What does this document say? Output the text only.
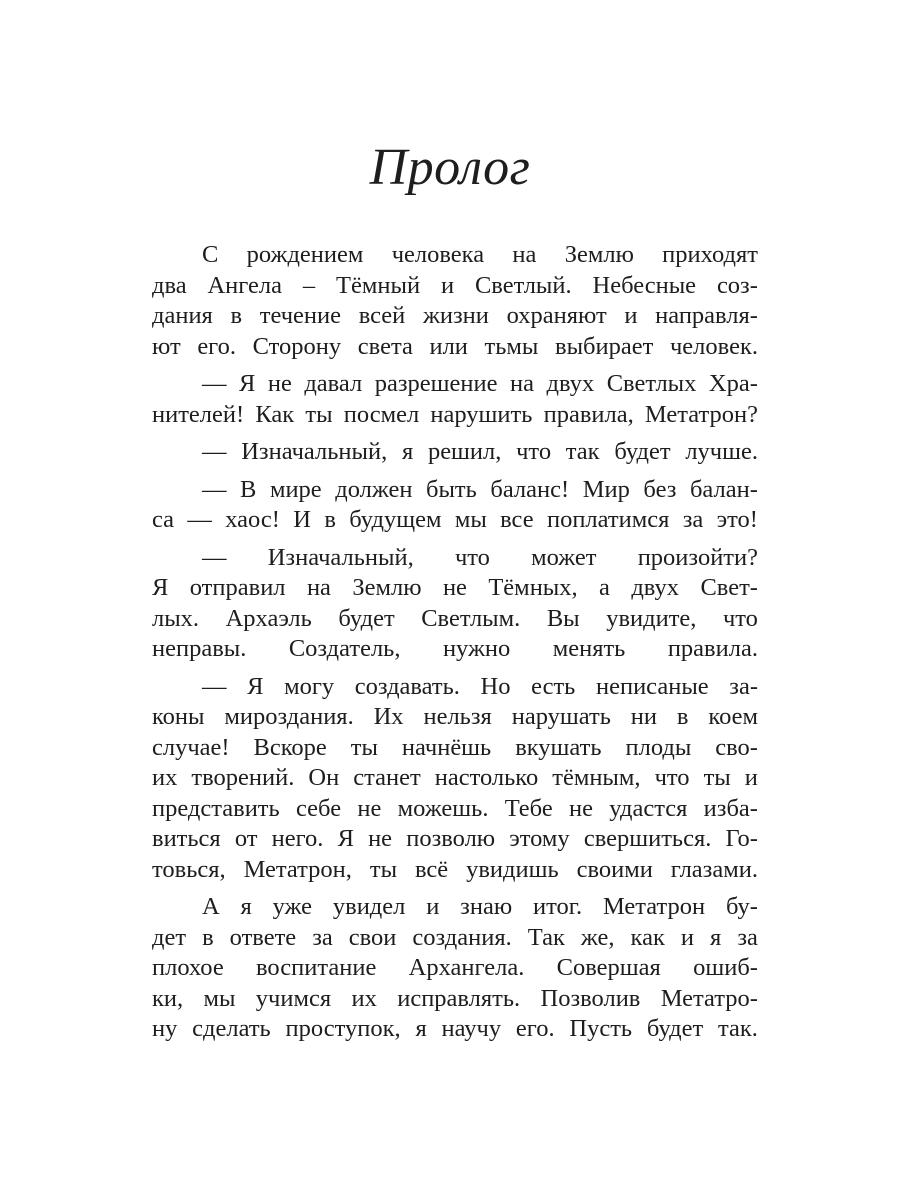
Пролог
С рождением человека на Землю приходят
два Ангела – Тёмный и Светлый. Небесные соз-
дания в течение всей жизни охраняют и направля-
ют его. Сторону света или тьмы выбирает человек.
— Я не давал разрешение на двух Светлых Хра-
нителей! Как ты посмел нарушить правила, Метатрон?
— Изначальный, я решил, что так будет лучше.
— В мире должен быть баланс! Мир без балан-
са — хаос! И в будущем мы все поплатимся за это!
— Изначальный, что может произойти?
Я отправил на Землю не Тёмных, а двух Свет-
лых. Архаэль будет Светлым. Вы увидите, что
неправы. Создатель, нужно менять правила.
— Я могу создавать. Но есть неписаные за-
коны мироздания. Их нельзя нарушать ни в коем
случае! Вскоре ты начнёшь вкушать плоды сво-
их творений. Он станет настолько тёмным, что ты и
представить себе не можешь. Тебе не удастся изба-
виться от него. Я не позволю этому свершиться. Го-
товься, Метатрон, ты всё увидишь своими глазами.
А я уже увидел и знаю итог. Метатрон бу-
дет в ответе за свои создания. Так же, как и я за
плохое воспитание Архангела. Совершая ошиб-
ки, мы учимся их исправлять. Позволив Метатро-
ну сделать проступок, я научу его. Пусть будет так.
